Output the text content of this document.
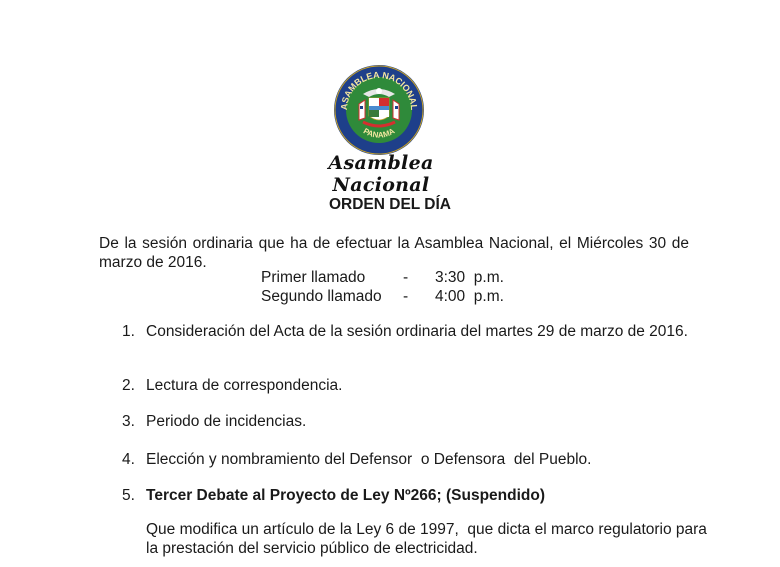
ASAMBLEA NACIONAL
PANAMA
Asamblea Nacional
ORDEN DEL DÍA
De la sesión ordinaria que ha de efectuar la Asamblea Nacional, el Miércoles 30 de marzo de 2016.
Primer llamado	-	3:30  p.m.
Segundo llamado	-	4:00  p.m.
1. Consideración del Acta de la sesión ordinaria del martes 29 de marzo de 2016.
2. Lectura de correspondencia.
3. Periodo de incidencias.
4. Elección y nombramiento del Defensor  o Defensora  del Pueblo.
5. Tercer Debate al Proyecto de Ley Nº266; (Suspendido)
Que modifica un artículo de la Ley 6 de 1997,  que dicta el marco regulatorio para la prestación del servicio público de electricidad.
